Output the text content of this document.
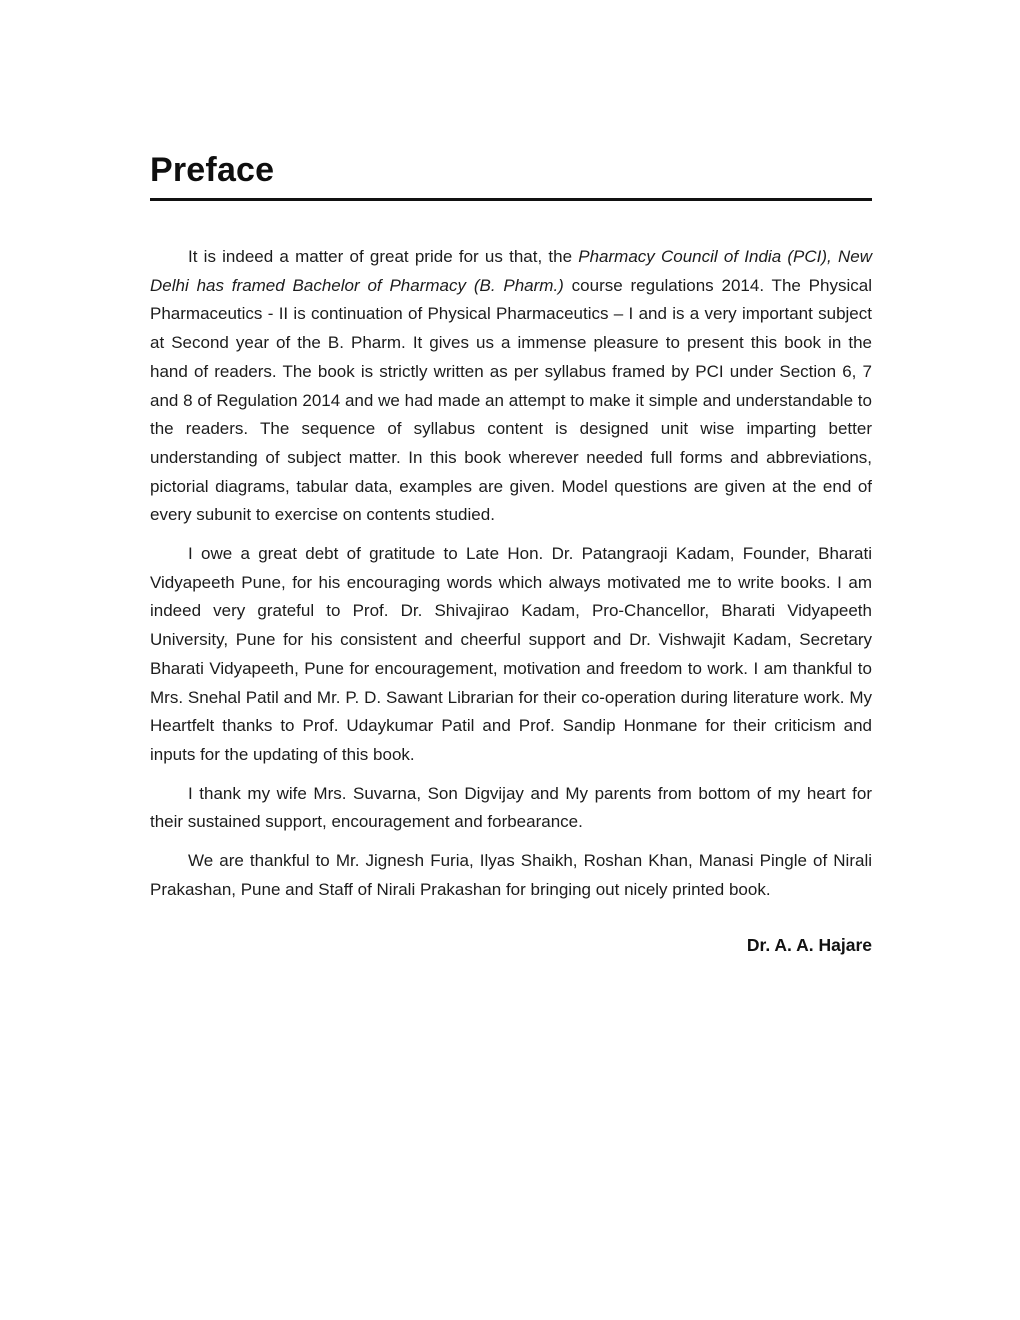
Preface

It is indeed a matter of great pride for us that, the Pharmacy Council of India (PCI), New Delhi has framed Bachelor of Pharmacy (B. Pharm.) course regulations 2014. The Physical Pharmaceutics - II is continuation of Physical Pharmaceutics – I and is a very important subject at Second year of the B. Pharm. It gives us a immense pleasure to present this book in the hand of readers. The book is strictly written as per syllabus framed by PCI under Section 6, 7 and 8 of Regulation 2014 and we had made an attempt to make it simple and understandable to the readers. The sequence of syllabus content is designed unit wise imparting better understanding of subject matter. In this book wherever needed full forms and abbreviations, pictorial diagrams, tabular data, examples are given. Model questions are given at the end of every subunit to exercise on contents studied.

I owe a great debt of gratitude to Late Hon. Dr. Patangraoji Kadam, Founder, Bharati Vidyapeeth Pune, for his encouraging words which always motivated me to write books. I am indeed very grateful to Prof. Dr. Shivajirao Kadam, Pro-Chancellor, Bharati Vidyapeeth University, Pune for his consistent and cheerful support and Dr. Vishwajit Kadam, Secretary Bharati Vidyapeeth, Pune for encouragement, motivation and freedom to work. I am thankful to Mrs. Snehal Patil and Mr. P. D. Sawant Librarian for their co-operation during literature work. My Heartfelt thanks to Prof. Udaykumar Patil and Prof. Sandip Honmane for their criticism and inputs for the updating of this book.

I thank my wife Mrs. Suvarna, Son Digvijay and My parents from bottom of my heart for their sustained support, encouragement and forbearance.

We are thankful to Mr. Jignesh Furia, Ilyas Shaikh, Roshan Khan, Manasi Pingle of Nirali Prakashan, Pune and Staff of Nirali Prakashan for bringing out nicely printed book.

Dr. A. A. Hajare
